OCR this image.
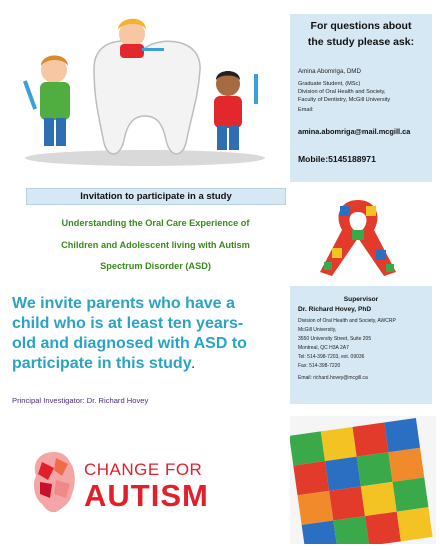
For questions about
the study please ask:
Amina Abomriga, DMD
Graduate Student, (MSc)
Division of Oral Health and Society,
Faculty of Dentistry, McGill University
Email:
amina.abomriga@mail.mcgill.ca
Mobile:5145188971
Invitation to participate in a study
Understanding the Oral Care Experience of
Children and Adolescent living with Autism
Spectrum Disorder (ASD)
We invite parents who have a
child who is at least ten years-
old and diagnosed with ASD to
participate in this study.
Principal Investigator: Dr. Richard Hovey
Supervisor
Dr. Richard Hovey, PhD
Division of Oral Health and Society, AWCRP
McGill University,
3550 University Street, Suite 205
Montreal, QC H3A 2A7
Tel: 514-398-7203, ext. 09036
Fax: 514-398-7220
Email: richard.hovey@mcgill.ca
CHANGE FOR
AUTISM
